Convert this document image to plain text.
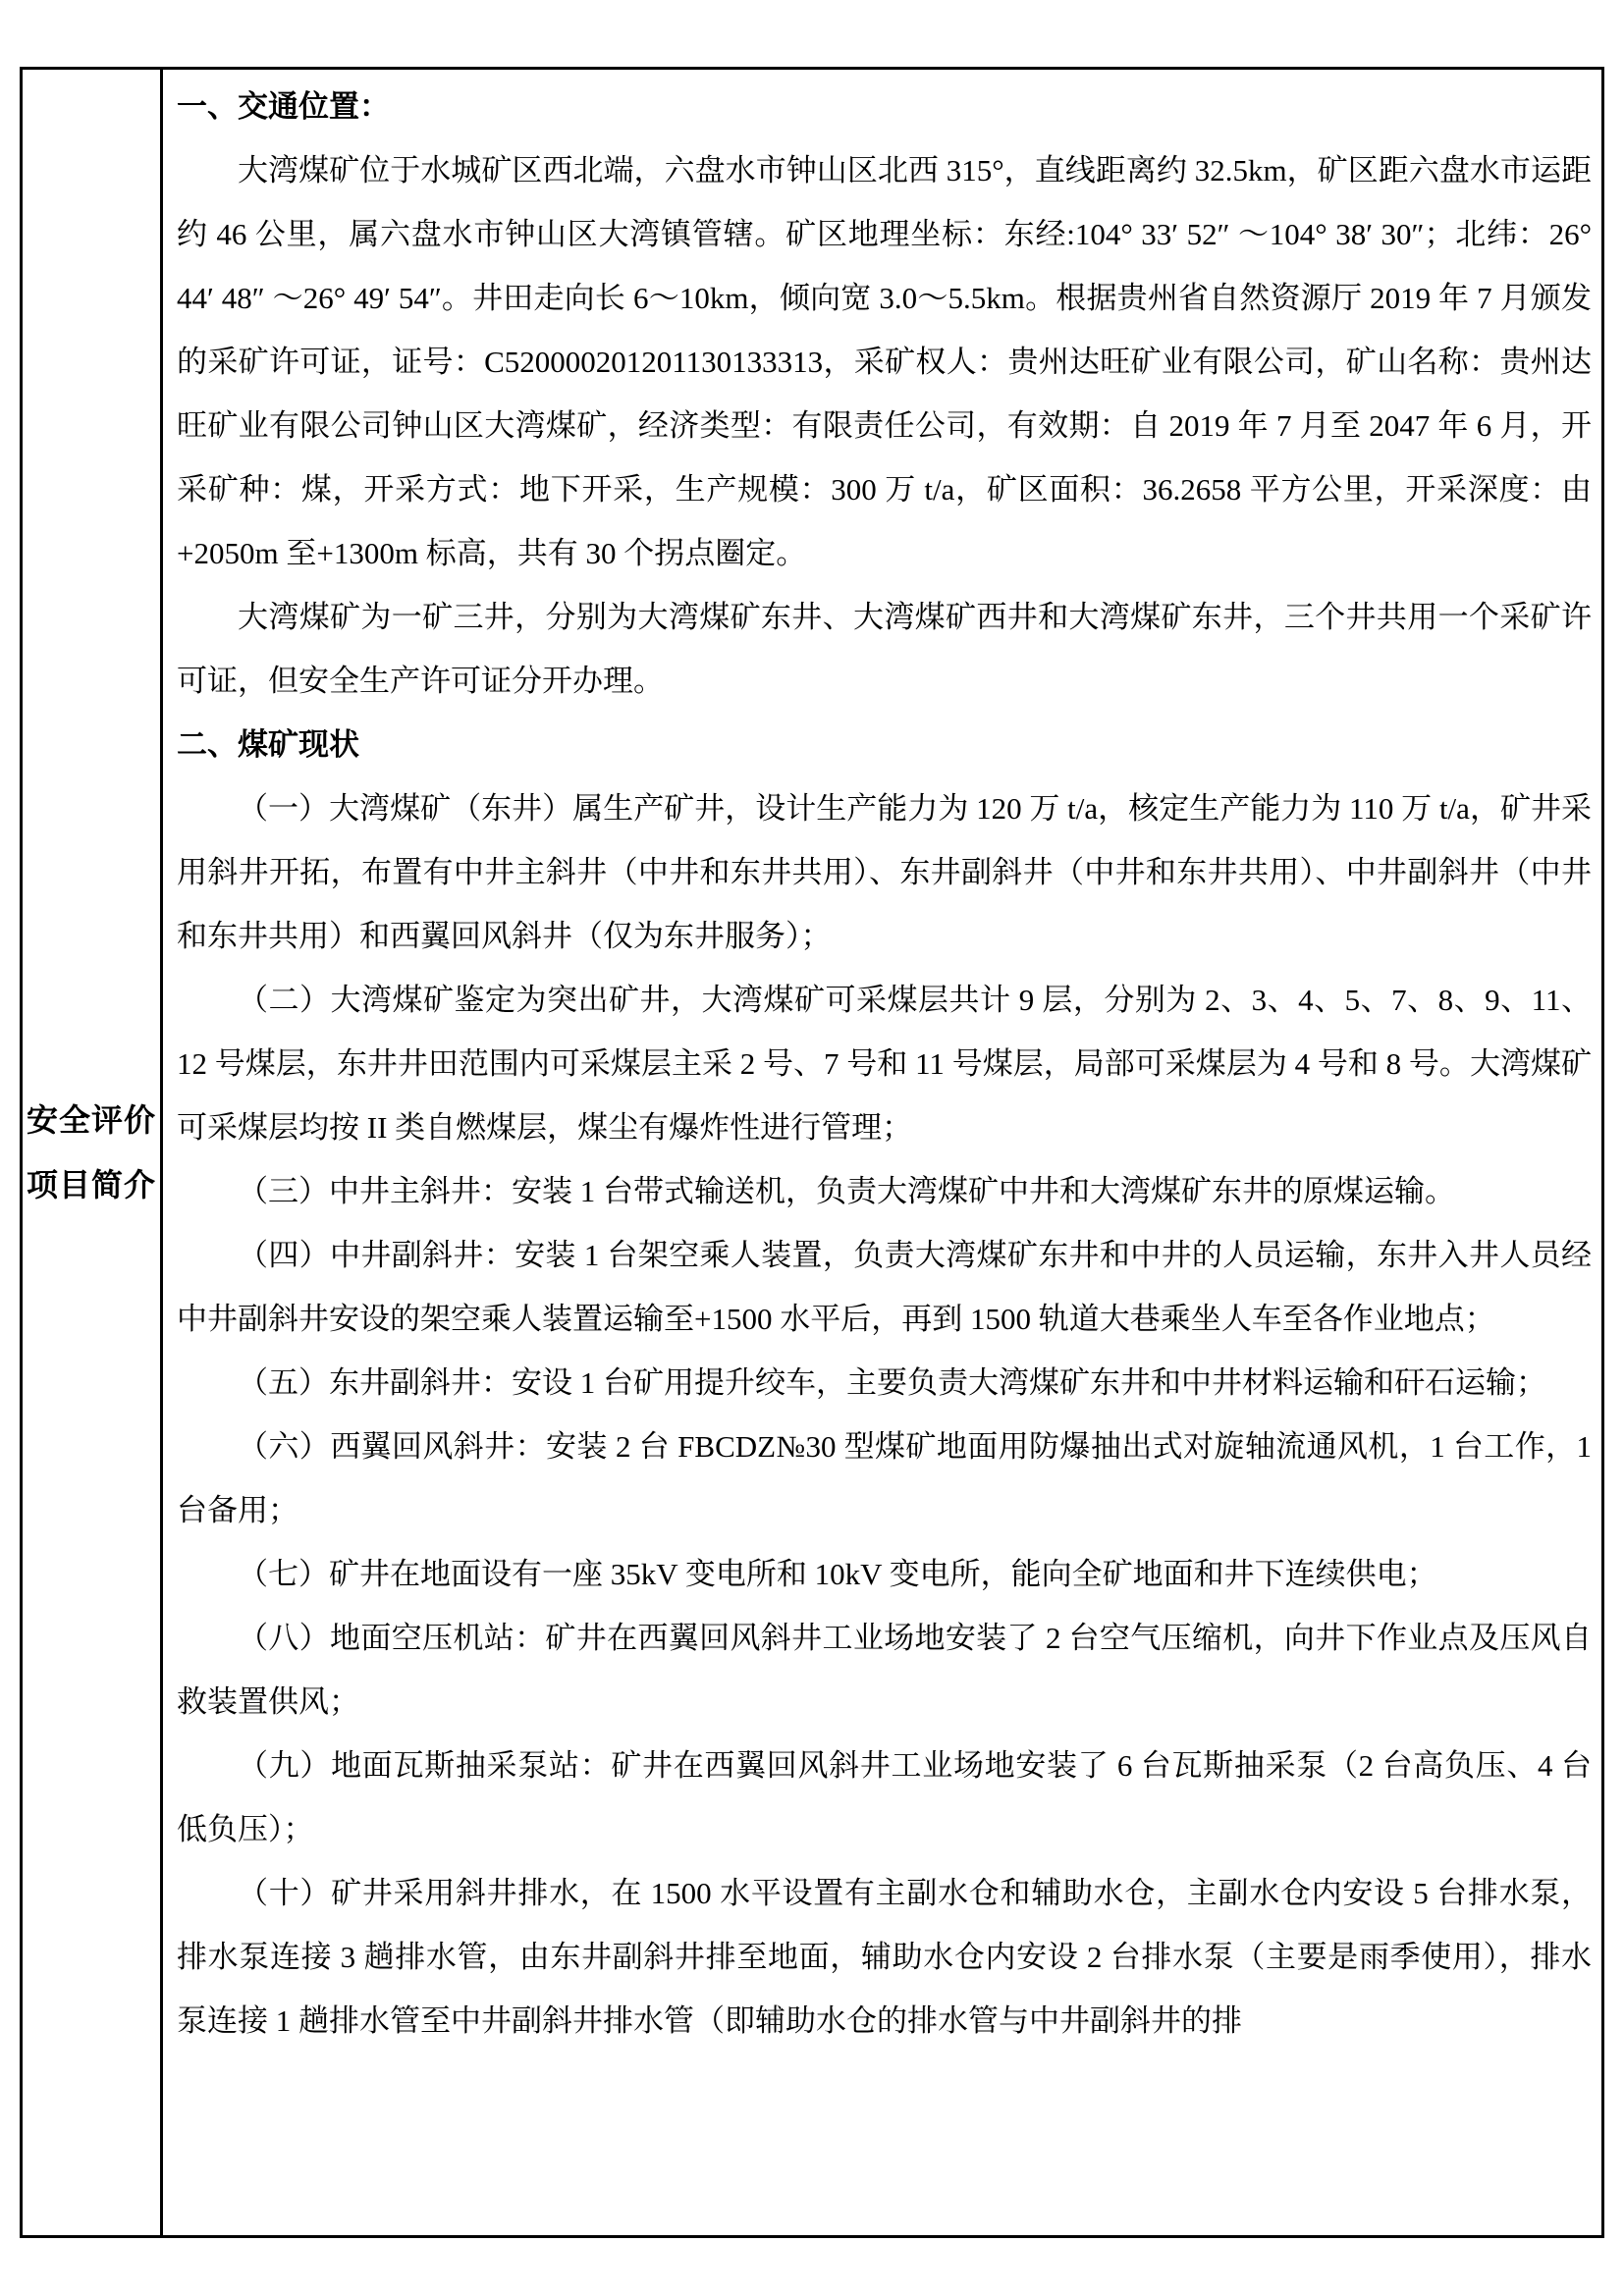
安全评价
项目简介
一、交通位置：

大湾煤矿位于水城矿区西北端，六盘水市钟山区北西 315°，直线距离约 32.5km，矿区距六盘水市运距约 46 公里，属六盘水市钟山区大湾镇管辖。矿区地理坐标：东经:104° 33′ 52″ ～104° 38′ 30″；北纬：26° 44′ 48″ ～26° 49′ 54″。井田走向长 6～10km，倾向宽 3.0～5.5km。根据贵州省自然资源厅 2019 年 7 月颁发的采矿许可证，证号：C520000201201130133313，采矿权人：贵州达旺矿业有限公司，矿山名称：贵州达旺矿业有限公司钟山区大湾煤矿，经济类型：有限责任公司，有效期：自 2019 年 7 月至 2047 年 6 月，开采矿种：煤，开采方式：地下开采，生产规模：300 万 t/a，矿区面积：36.2658 平方公里，开采深度：由+2050m 至+1300m 标高，共有 30 个拐点圈定。

大湾煤矿为一矿三井，分别为大湾煤矿东井、大湾煤矿西井和大湾煤矿东井，三个井共用一个采矿许可证，但安全生产许可证分开办理。

二、煤矿现状

（一）大湾煤矿（东井）属生产矿井，设计生产能力为 120 万 t/a，核定生产能力为 110 万 t/a，矿井采用斜井开拓，布置有中井主斜井（中井和东井共用）、东井副斜井（中井和东井共用）、中井副斜井（中井和东井共用）和西翼回风斜井（仅为东井服务）；

（二）大湾煤矿鉴定为突出矿井，大湾煤矿可采煤层共计 9 层，分别为 2、3、4、5、7、8、9、11、12 号煤层，东井井田范围内可采煤层主采 2 号、7 号和 11 号煤层，局部可采煤层为 4 号和 8 号。大湾煤矿可采煤层均按 II 类自燃煤层，煤尘有爆炸性进行管理；

（三）中井主斜井：安装 1 台带式输送机，负责大湾煤矿中井和大湾煤矿东井的原煤运输。

（四）中井副斜井：安装 1 台架空乘人装置，负责大湾煤矿东井和中井的人员运输，东井入井人员经中井副斜井安设的架空乘人装置运输至+1500 水平后，再到 1500 轨道大巷乘坐人车至各作业地点；

（五）东井副斜井：安设 1 台矿用提升绞车，主要负责大湾煤矿东井和中井材料运输和矸石运输；

（六）西翼回风斜井：安装 2 台 FBCDZ№30 型煤矿地面用防爆抽出式对旋轴流通风机，1 台工作，1 台备用；

（七）矿井在地面设有一座 35kV 变电所和 10kV 变电所，能向全矿地面和井下连续供电；

（八）地面空压机站：矿井在西翼回风斜井工业场地安装了 2 台空气压缩机，向井下作业点及压风自救装置供风；

（九）地面瓦斯抽采泵站：矿井在西翼回风斜井工业场地安装了 6 台瓦斯抽采泵（2 台高负压、4 台低负压）；

（十）矿井采用斜井排水，在 1500 水平设置有主副水仓和辅助水仓，主副水仓内安设 5 台排水泵，排水泵连接 3 趟排水管，由东井副斜井排至地面，辅助水仓内安设 2 台排水泵（主要是雨季使用），排水泵连接 1 趟排水管至中井副斜井排水管（即辅助水仓的排水管与中井副斜井的排
